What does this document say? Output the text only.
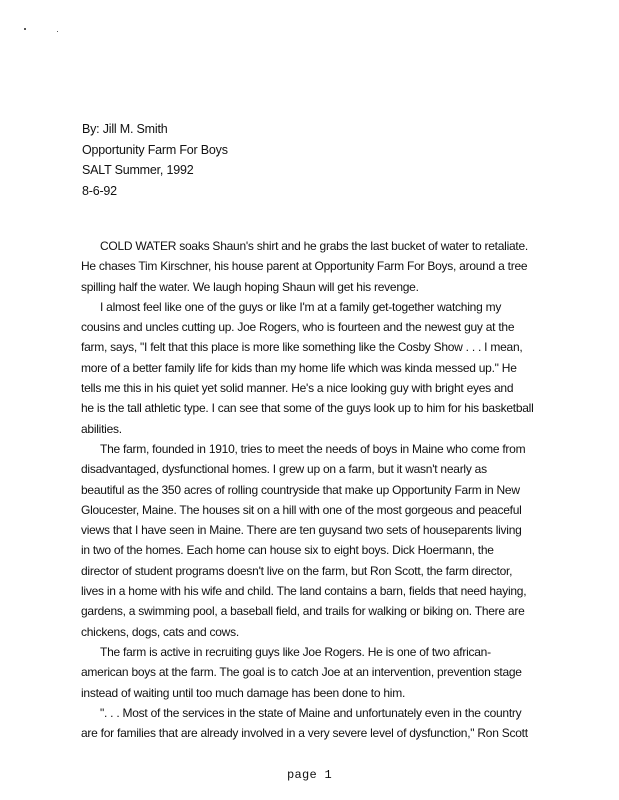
By: Jill M. Smith
Opportunity Farm For Boys
SALT Summer, 1992
8-6-92
COLD WATER soaks Shaun's shirt and he grabs the last bucket of water to retaliate.
He chases Tim Kirschner, his house parent at Opportunity Farm For Boys, around a tree
spilling half the water. We laugh hoping Shaun will get his revenge.
I almost feel like one of the guys or like I'm at a family get-together watching my
cousins and uncles cutting up. Joe Rogers, who is fourteen and the newest guy at the
farm, says, "I felt that this place is more like something like the Cosby Show . . . I mean,
more of a better family life for kids than my home life which was kinda messed up." He
tells me this in his quiet yet solid manner. He's a nice looking guy with bright eyes and
he is the tall athletic type. I can see that some of the guys look up to him for his basketball
abilities.
The farm, founded in 1910, tries to meet the needs of boys in Maine who come from
disadvantaged, dysfunctional homes. I grew up on a farm, but it wasn't nearly as
beautiful as the 350 acres of rolling countryside that make up Opportunity Farm in New
Gloucester, Maine. The houses sit on a hill with one of the most gorgeous and peaceful
views that I have seen in Maine. There are ten guysand two sets of houseparents living
in two of the homes. Each home can house six to eight boys. Dick Hoermann, the
director of student programs doesn't live on the farm, but Ron Scott, the farm director,
lives in a home with his wife and child. The land contains a barn, fields that need haying,
gardens, a swimming pool, a baseball field, and trails for walking or biking on. There are
chickens, dogs, cats and cows.
The farm is active in recruiting guys like Joe Rogers. He is one of two african-
american boys at the farm. The goal is to catch Joe at an intervention, prevention stage
instead of waiting until too much damage has been done to him.
". . . Most of the services in the state of Maine and unfortunately even in the country
are for families that are already involved in a very severe level of dysfunction," Ron Scott
page 1
